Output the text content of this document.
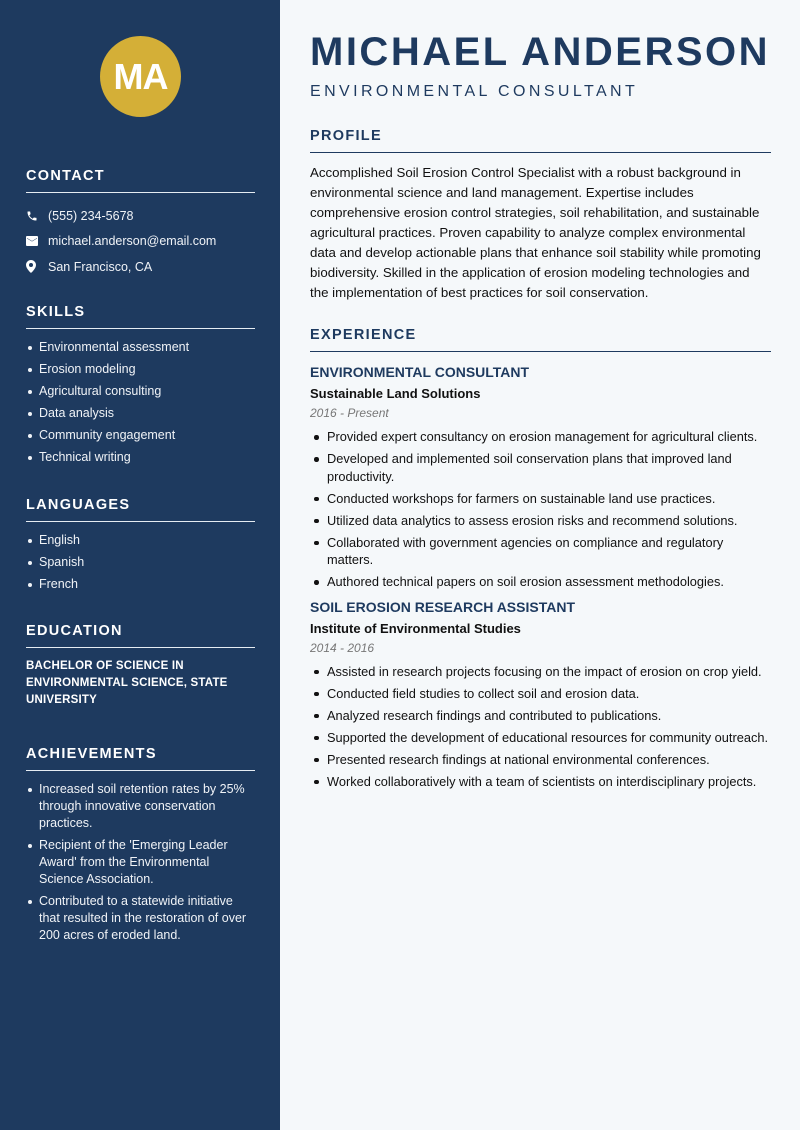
MA
CONTACT
(555) 234-5678
michael.anderson@email.com
San Francisco, CA
SKILLS
Environmental assessment
Erosion modeling
Agricultural consulting
Data analysis
Community engagement
Technical writing
LANGUAGES
English
Spanish
French
EDUCATION
BACHELOR OF SCIENCE IN ENVIRONMENTAL SCIENCE, STATE UNIVERSITY
ACHIEVEMENTS
Increased soil retention rates by 25% through innovative conservation practices.
Recipient of the 'Emerging Leader Award' from the Environmental Science Association.
Contributed to a statewide initiative that resulted in the restoration of over 200 acres of eroded land.
MICHAEL ANDERSON
ENVIRONMENTAL CONSULTANT
PROFILE
Accomplished Soil Erosion Control Specialist with a robust background in environmental science and land management. Expertise includes comprehensive erosion control strategies, soil rehabilitation, and sustainable agricultural practices. Proven capability to analyze complex environmental data and develop actionable plans that enhance soil stability while promoting biodiversity. Skilled in the application of erosion modeling technologies and the implementation of best practices for soil conservation.
EXPERIENCE
ENVIRONMENTAL CONSULTANT
Sustainable Land Solutions
2016 - Present
Provided expert consultancy on erosion management for agricultural clients.
Developed and implemented soil conservation plans that improved land productivity.
Conducted workshops for farmers on sustainable land use practices.
Utilized data analytics to assess erosion risks and recommend solutions.
Collaborated with government agencies on compliance and regulatory matters.
Authored technical papers on soil erosion assessment methodologies.
SOIL EROSION RESEARCH ASSISTANT
Institute of Environmental Studies
2014 - 2016
Assisted in research projects focusing on the impact of erosion on crop yield.
Conducted field studies to collect soil and erosion data.
Analyzed research findings and contributed to publications.
Supported the development of educational resources for community outreach.
Presented research findings at national environmental conferences.
Worked collaboratively with a team of scientists on interdisciplinary projects.
